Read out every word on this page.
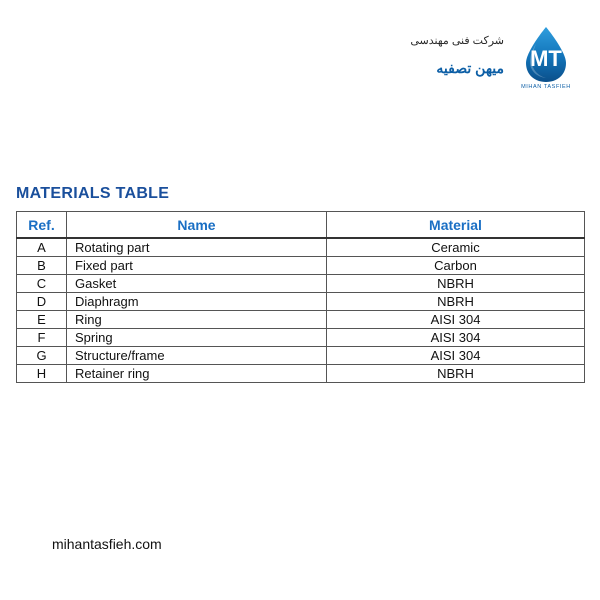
شرکت فنی مهندسی
میهن تصفیه MT
MIHAN TASFIEH
MATERIALS TABLE
Ref.	Name	Material
A	Rotating part	Ceramic
B	Fixed part	Carbon
C	Gasket	NBRH
D	Diaphragm	NBRH
E	Ring	AISI 304
F	Spring	AISI 304
G	Structure/frame	AISI 304
H	Retainer ring	NBRH
mihantasfieh.com
